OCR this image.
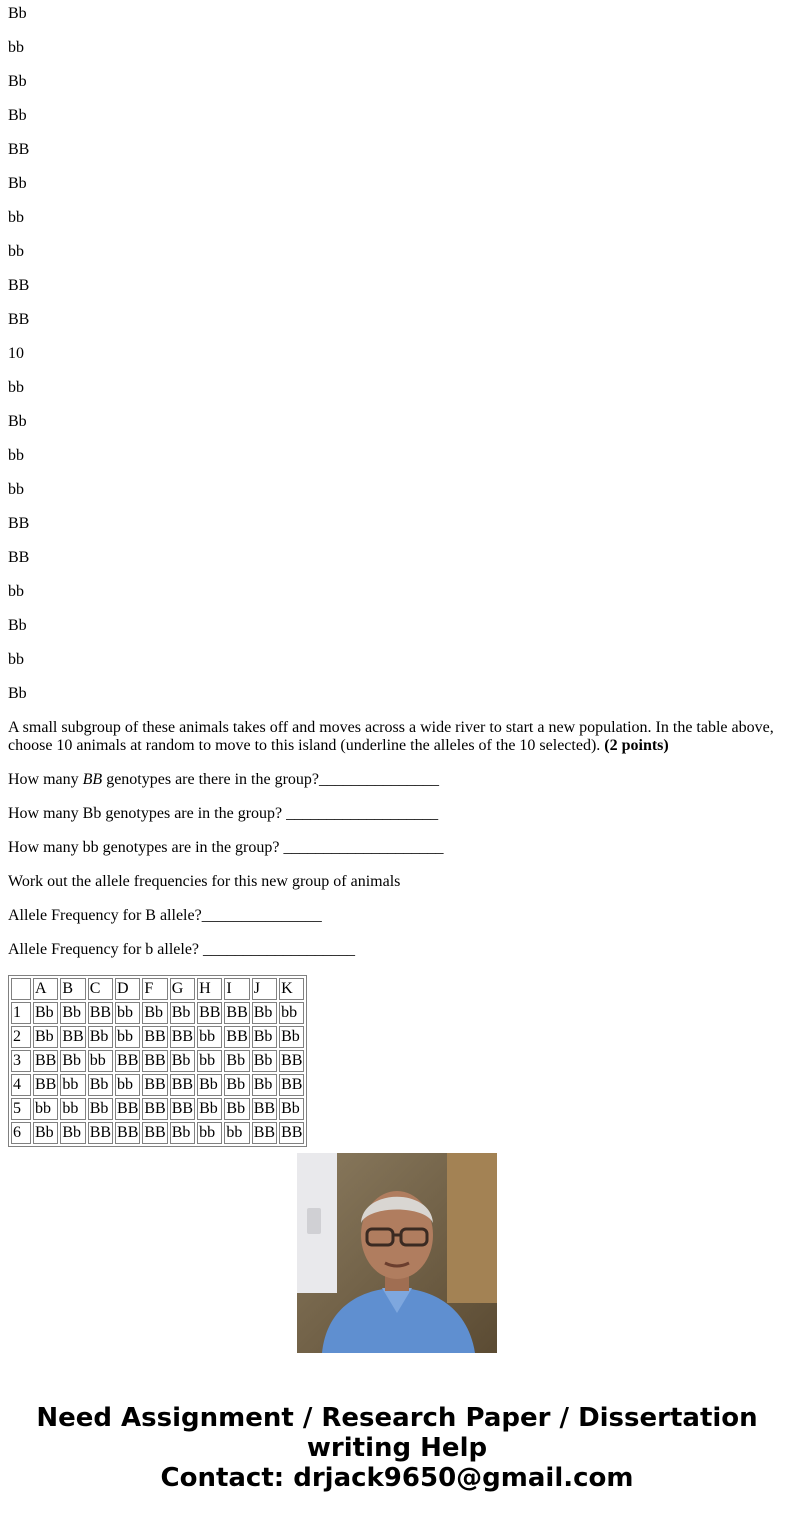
Bb

bb

Bb

Bb

BB

Bb

bb

bb

BB

BB

10

bb

Bb

bb

bb

BB

BB

bb

Bb

bb

Bb

A small subgroup of these animals takes off and moves across a wide river to start a new population. In the table above, choose 10 animals at random to move to this island (underline the alleles of the 10 selected). (2 points)

How many BB genotypes are there in the group?_______________

How many Bb genotypes are in the group? ___________________

How many bb genotypes are in the group? ____________________

Work out the allele frequencies for this new group of animals

Allele Frequency for B allele?_______________

Allele Frequency for b allele? ___________________

	A	B	C	D	F	G	H	I	J	K
1	Bb	Bb	BB	bb	Bb	Bb	BB	BB	Bb	bb
2	Bb	BB	Bb	bb	BB	BB	bb	BB	Bb	Bb
3	BB	Bb	bb	BB	BB	Bb	bb	Bb	Bb	BB
4	BB	bb	Bb	bb	BB	BB	Bb	Bb	Bb	BB
5	bb	bb	Bb	BB	BB	BB	Bb	Bb	BB	Bb
6	Bb	Bb	BB	BB	BB	Bb	bb	bb	BB	BB
Need Assignment / Research Paper / Dissertation
writing Help
Contact: drjack9650@gmail.com
